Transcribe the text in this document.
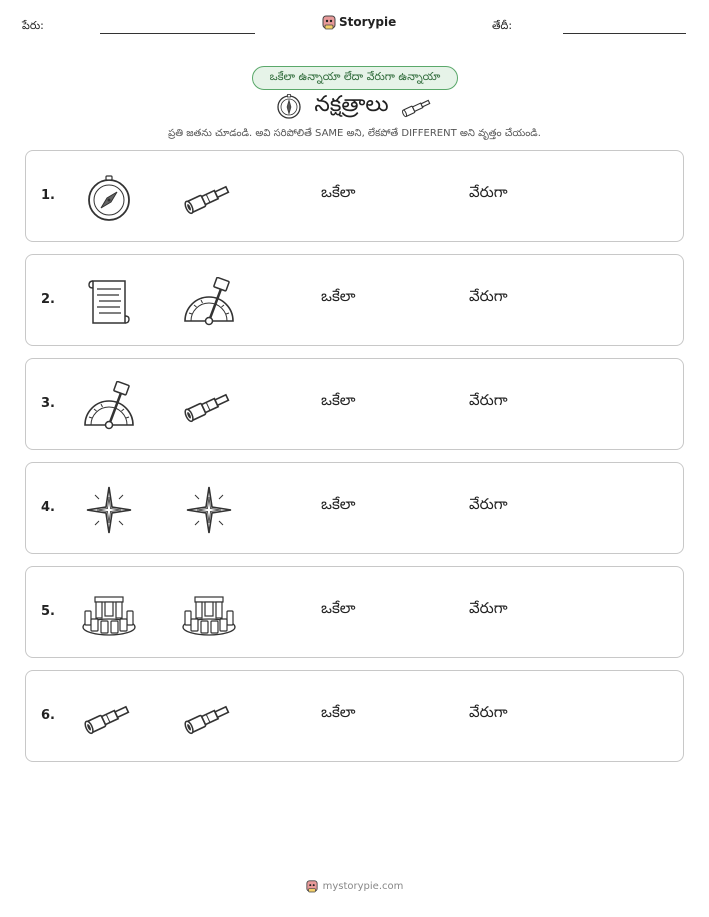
పేరు:	Storypie	తేదీ:
ఒకేలా ఉన్నాయా లేదా వేరుగా ఉన్నాయా
నక్షత్రాలు
ప్రతి జతను చూడండి. అవి సరిపోలితే SAME అని, లేకపోతే DIFFERENT అని వృత్తం చేయండి.
1.	ఒకేలా	వేరుగా
2.	ఒకేలా	వేరుగా
3.	ఒకేలా	వేరుగా
4.	ఒకేలా	వేరుగా
5.	ఒకేలా	వేరుగా
6.	ఒకేలా	వేరుగా
mystorypie.com
